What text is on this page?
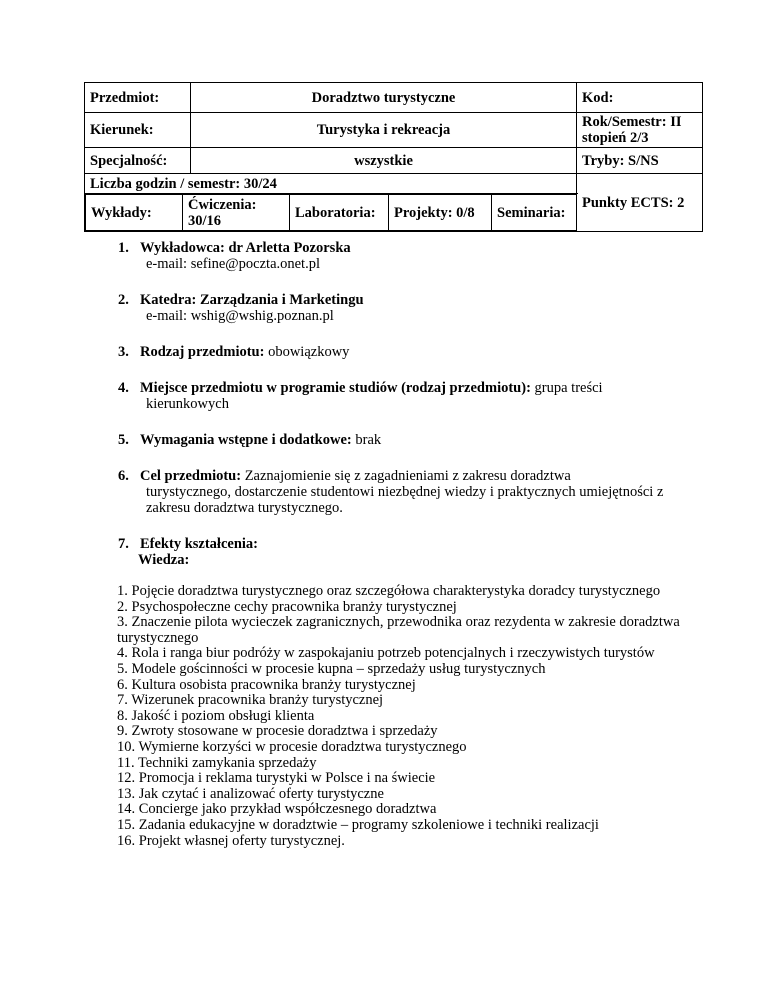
Przedmiot:	Doradztwo turystyczne	Kod:
Kierunek:	Turystyka i rekreacja	Rok/Semestr: II stopień 2/3
Specjalność:	wszystkie	Tryby: S/NS
Liczba godzin / semestr: 30/24	Punkty ECTS: 2

Wykłady:	Ćwiczenia: 30/16	Laboratoria:	Projekty: 0/8	Seminaria:
1. Wykładowca: dr Arletta Pozorska
e-mail: sefine@poczta.onet.pl
2. Katedra: Zarządzania i Marketingu
e-mail: wshig@wshig.poznan.pl
3. Rodzaj przedmiotu: obowiązkowy
4. Miejsce przedmiotu w programie studiów (rodzaj przedmiotu): grupa treści
kierunkowych
5. Wymagania wstępne i dodatkowe: brak
6. Cel przedmiotu: Zaznajomienie się z zagadnieniami z zakresu doradztwa
turystycznego, dostarczenie studentowi niezbędnej wiedzy i praktycznych umiejętności z zakresu doradztwa turystycznego.
7. Efekty kształcenia:
Wiedza:
1. Pojęcie doradztwa turystycznego oraz szczegółowa charakterystyka doradcy turystycznego
2. Psychospołeczne cechy pracownika branży turystycznej
3. Znaczenie pilota wycieczek zagranicznych, przewodnika oraz rezydenta w zakresie doradztwa turystycznego
4. Rola i ranga biur podróży w zaspokajaniu potrzeb potencjalnych i rzeczywistych turystów
5. Modele gościnności w procesie kupna – sprzedaży usług turystycznych
6. Kultura osobista pracownika branży turystycznej
7. Wizerunek pracownika branży turystycznej
8. Jakość i poziom obsługi klienta
9. Zwroty stosowane w procesie doradztwa i sprzedaży
10. Wymierne korzyści w procesie doradztwa turystycznego
11. Techniki zamykania sprzedaży
12. Promocja i reklama turystyki w Polsce i na świecie
13. Jak czytać i analizować oferty turystyczne
14. Concierge jako przykład współczesnego doradztwa
15. Zadania edukacyjne w doradztwie – programy szkoleniowe i techniki realizacji
16. Projekt własnej oferty turystycznej.
